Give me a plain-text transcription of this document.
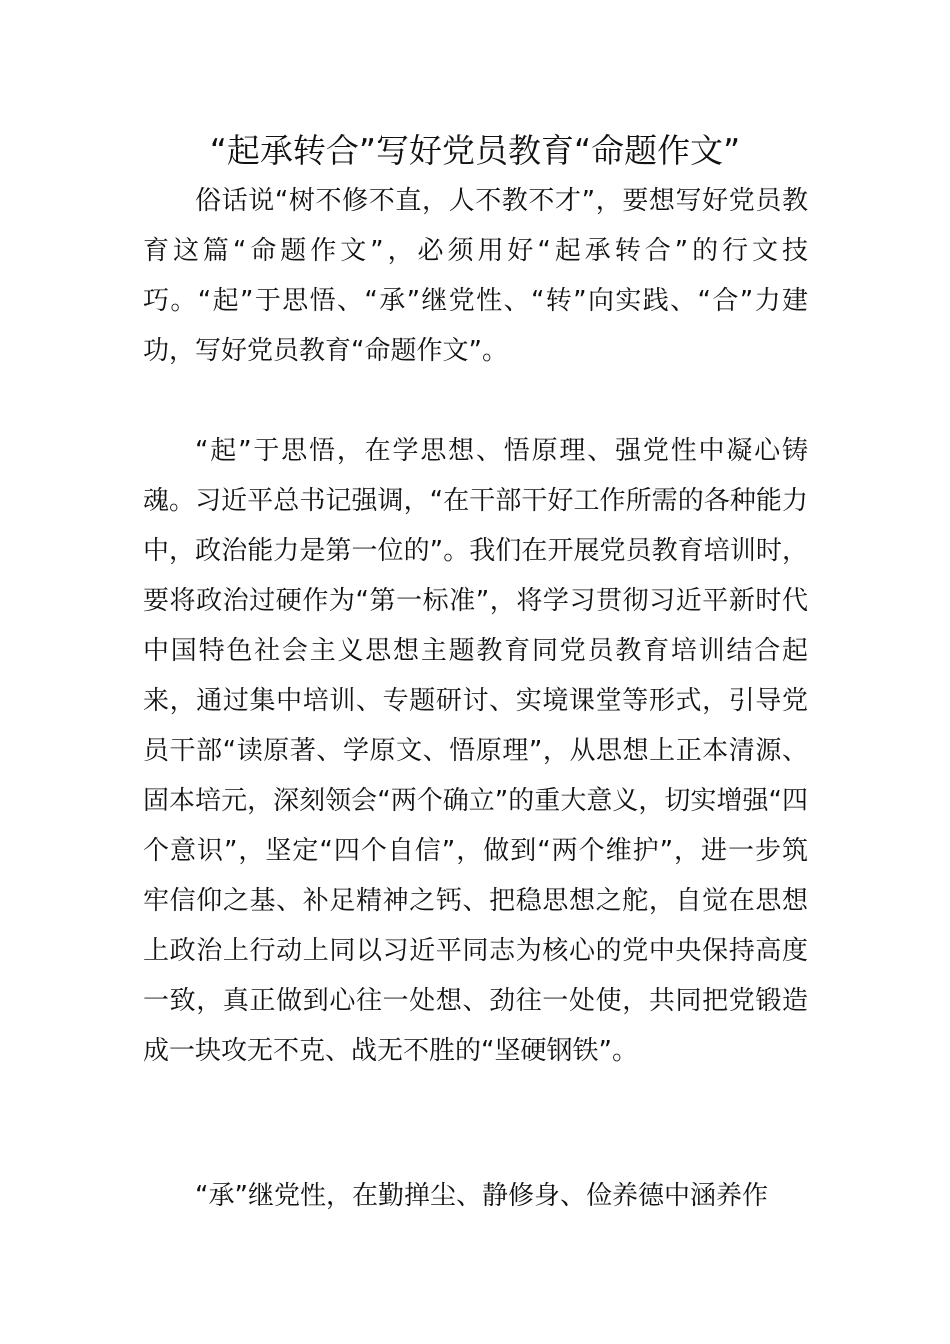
“起承转合”写好党员教育“命题作文”

俗话说“树不修不直，人不教不才”，要想写好党员教育这篇“命题作文”，必须用好“起承转合”的行文技巧。“起”于思悟、“承”继党性、“转”向实践、“合”力建功，写好党员教育“命题作文”。

“起”于思悟，在学思想、悟原理、强党性中凝心铸魂。习近平总书记强调，“在干部干好工作所需的各种能力中，政治能力是第一位的”。我们在开展党员教育培训时，要将政治过硬作为“第一标准”，将学习贯彻习近平新时代中国特色社会主义思想主题教育同党员教育培训结合起来，通过集中培训、专题研讨、实境课堂等形式，引导党员干部“读原著、学原文、悟原理”，从思想上正本清源、固本培元，深刻领会“两个确立”的重大意义，切实增强“四个意识”，坚定“四个自信”，做到“两个维护”，进一步筑牢信仰之基、补足精神之钙、把稳思想之舵，自觉在思想上政治上行动上同以习近平同志为核心的党中央保持高度一致，真正做到心往一处想、劲往一处使，共同把党锻造成一块攻无不克、战无不胜的“坚硬钢铁”。

“承”继党性，在勤掸尘、静修身、俭养德中涵养作
